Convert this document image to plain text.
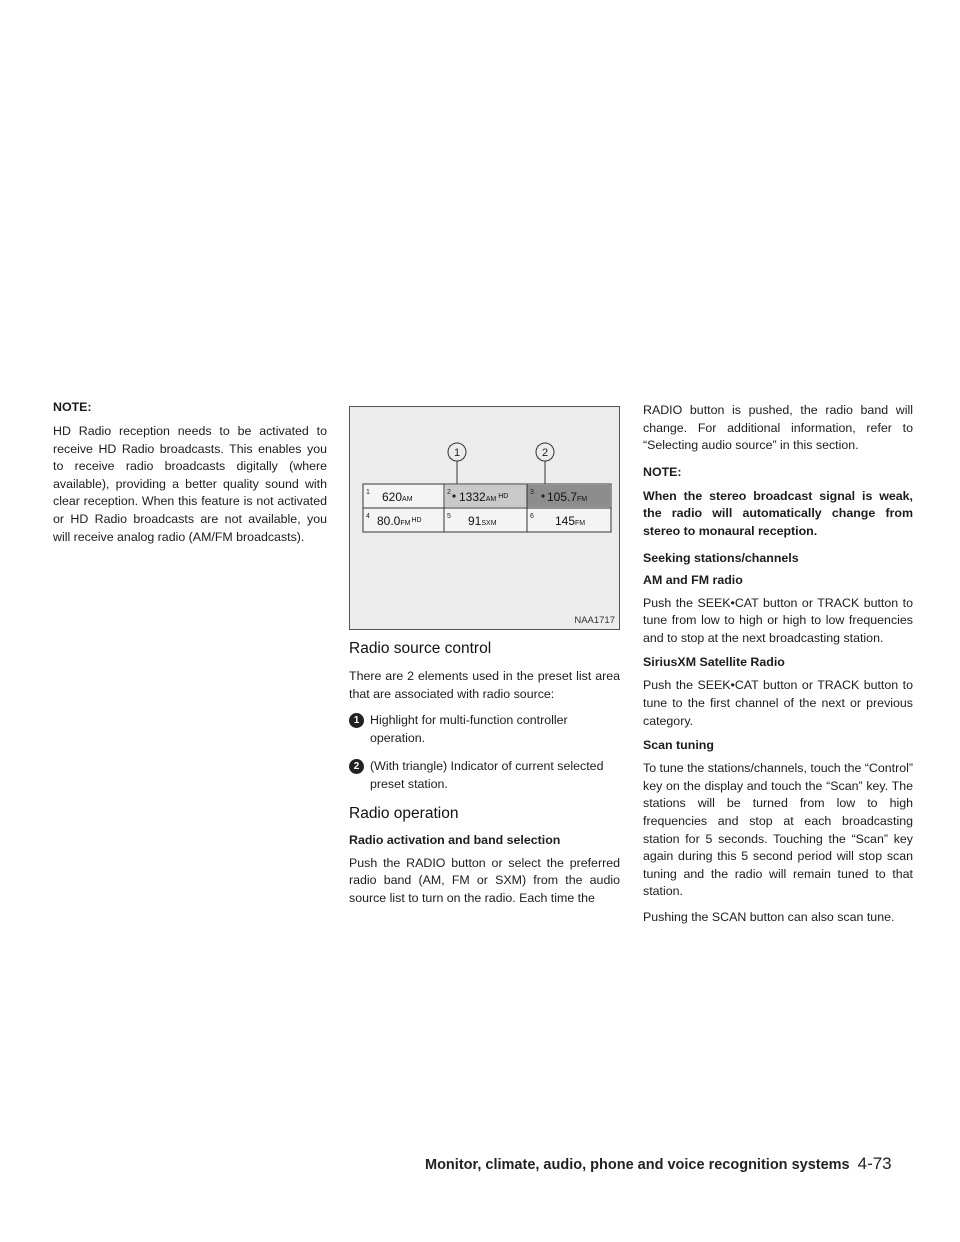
NOTE:

HD Radio reception needs to be activated to receive HD Radio broadcasts. This enables you to receive radio broadcasts digitally (where available), providing a better quality sound with clear reception. When this feature is not activated or HD Radio broadcasts are not available, you will receive analog radio (AM/FM broadcasts).

1	2
1	2	3
4	5	6
620AM	1332AM $^{HD}$	105.7FM
$80.0FM^{HD}$	91SXM	145FM
NAA1717
Radio source control

There are 2 elements used in the preset list area that are associated with radio source:

1 Highlight for multi-function controller operation.
2 (With triangle) Indicator of current selected preset station.
Radio operation
Radio activation and band selection

Push the RADIO button or select the preferred radio band (AM, FM or SXM) from the audio source list to turn on the radio. Each time the

RADIO button is pushed, the radio band will change. For additional information, refer to “Selecting audio source” in this section.

NOTE:

When the stereo broadcast signal is weak, the radio will automatically change from stereo to monaural reception.

Seeking stations/channels
AM and FM radio

Push the SEEK•CAT button or TRACK button to tune from low to high or high to low frequencies and to stop at the next broadcasting station.

SiriusXM Satellite Radio

Push the SEEK•CAT button or TRACK button to tune to the first channel of the next or previous category.

Scan tuning

To tune the stations/channels, touch the “Control” key on the display and touch the “Scan” key. The stations will be turned from low to high frequencies and stop at each broadcasting station for 5 seconds. Touching the “Scan” key again during this 5 second period will stop scan tuning and the radio will remain tuned to that station.

Pushing the SCAN button can also scan tune.

Monitor, climate, audio, phone and voice recognition systems 4-73
